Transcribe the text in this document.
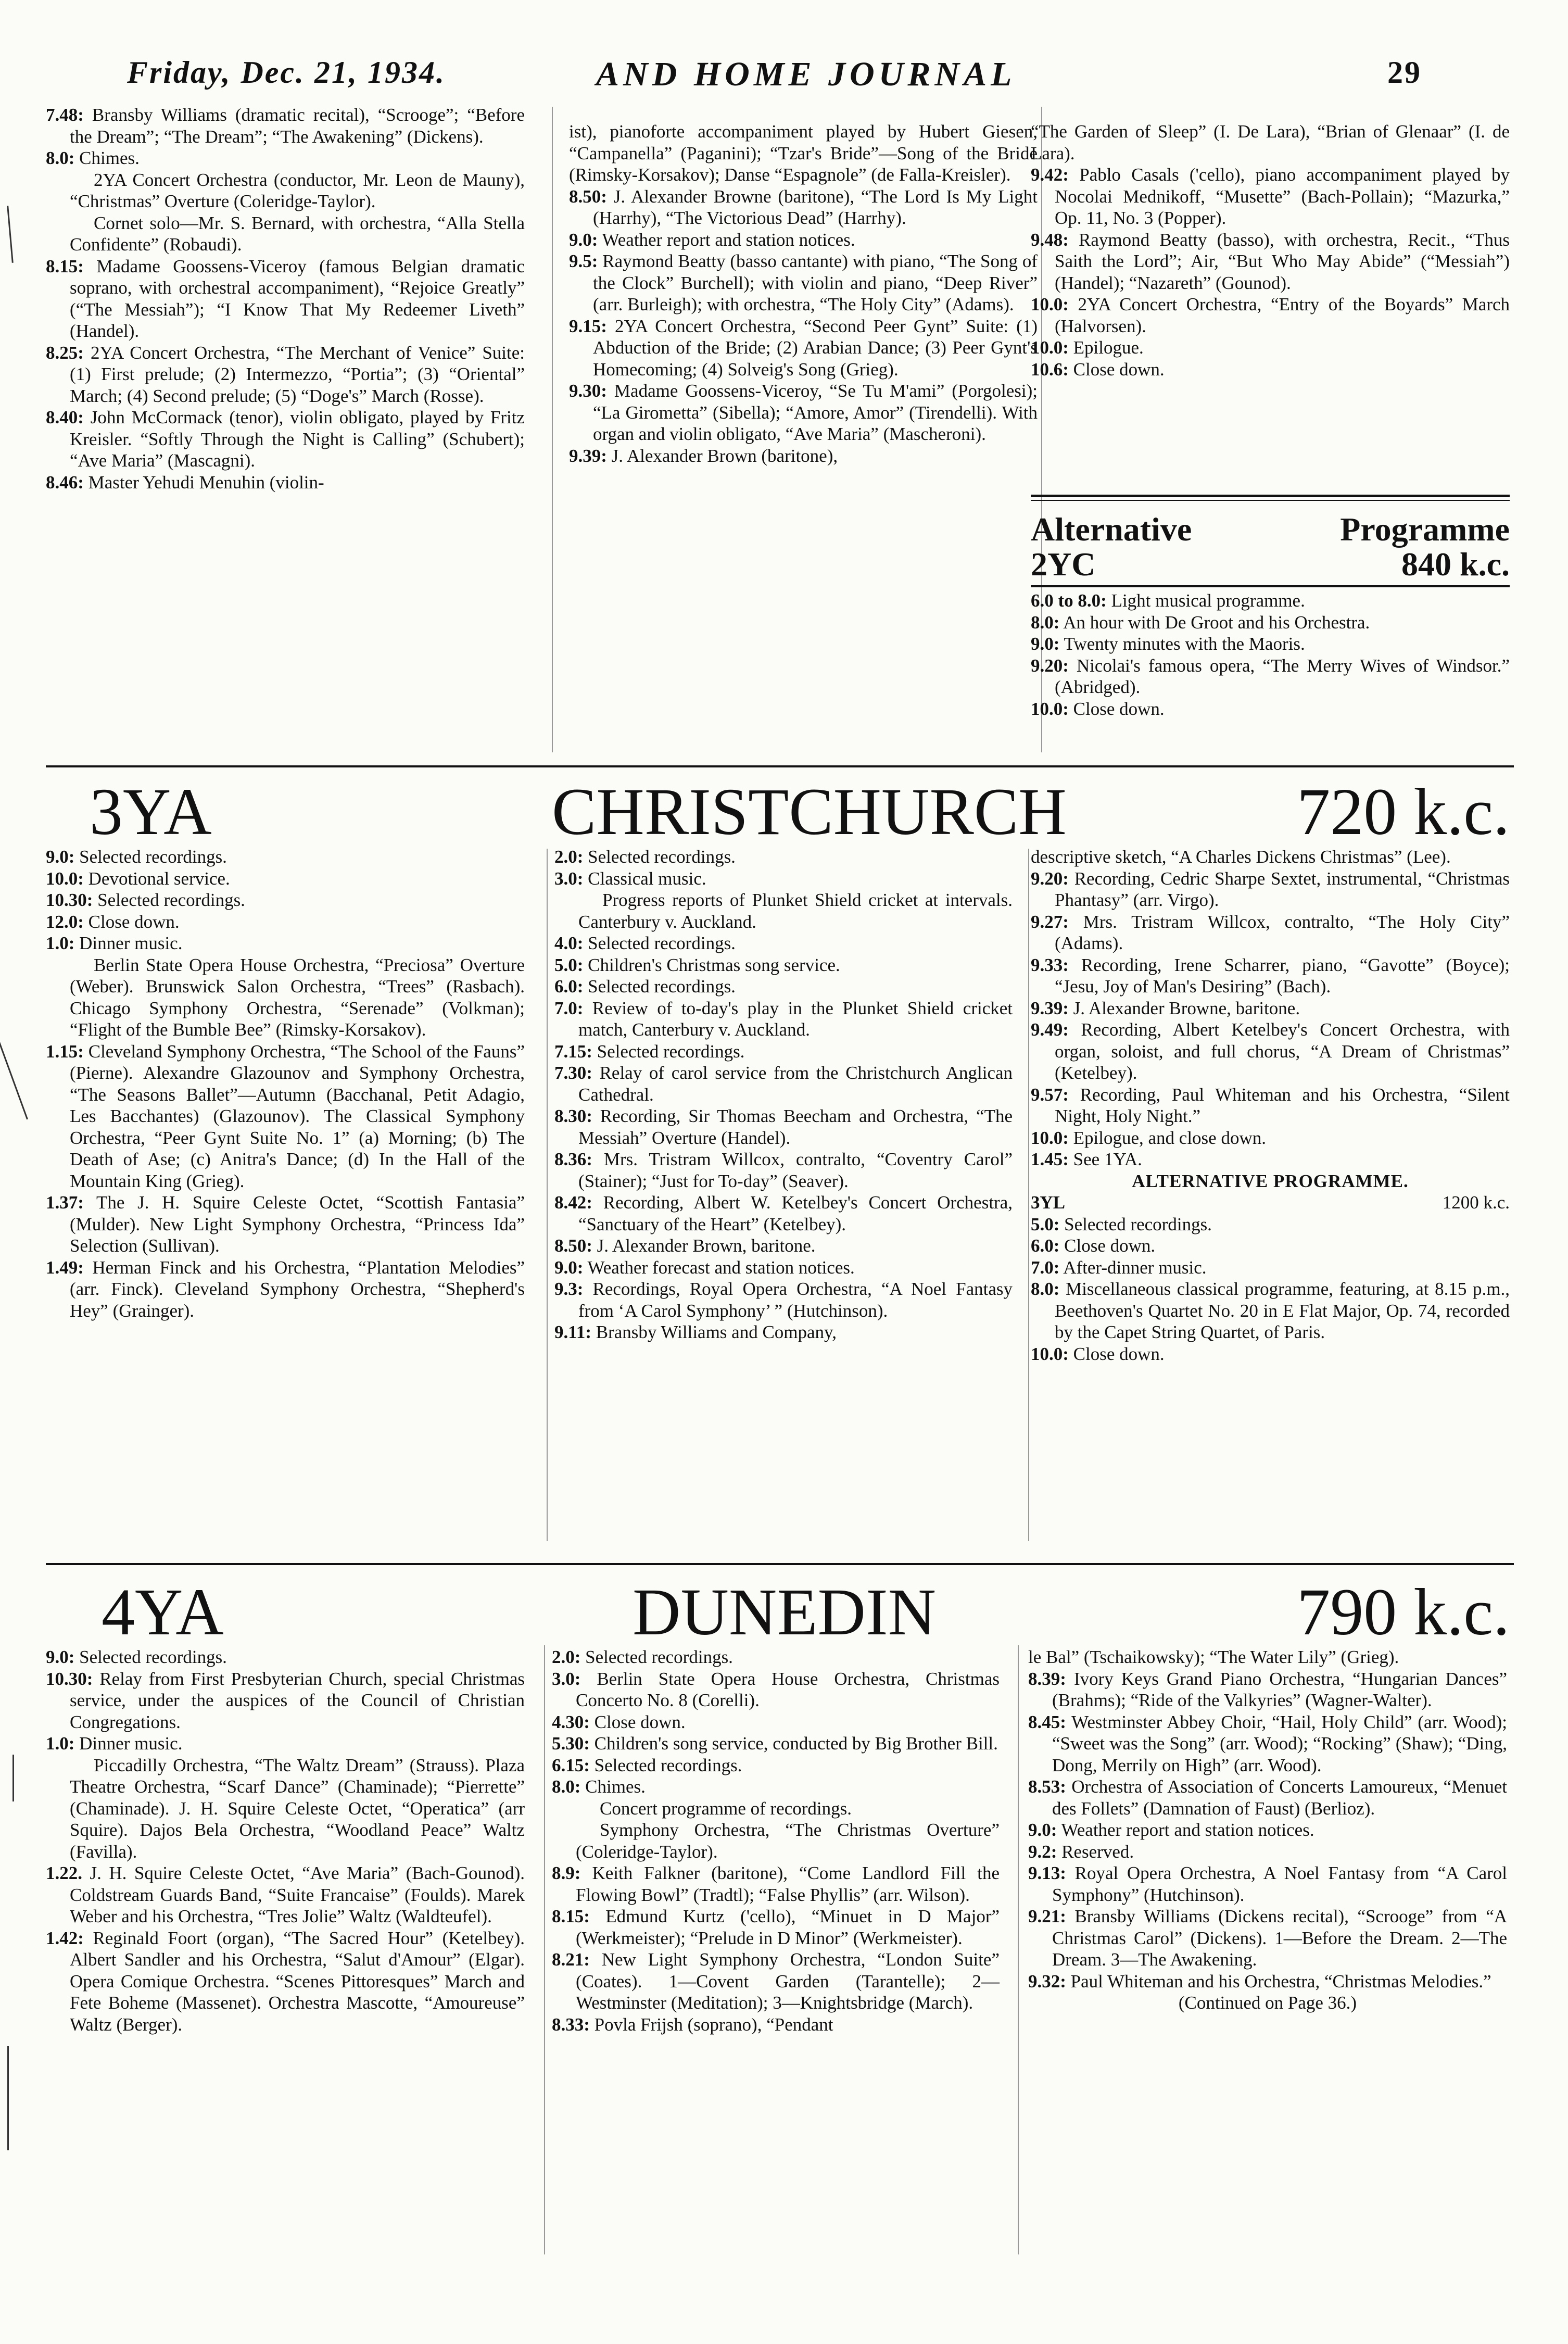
Friday, Dec. 21, 1934.	AND HOME JOURNAL	29

7.48: Bransby Williams (dramatic recital), “Scrooge”; “Before the Dream”; “The Dream”; “The Awakening” (Dickens).

8.0: Chimes.

2YA Concert Orchestra (conductor, Mr. Leon de Mauny), “Christmas” Overture (Coleridge-Taylor).

Cornet solo—Mr. S. Bernard, with orchestra, “Alla Stella Confidente” (Robaudi).

8.15: Madame Goossens-Viceroy (famous Belgian dramatic soprano, with orchestral accompaniment), “Rejoice Greatly” (“The Messiah”); “I Know That My Redeemer Liveth” (Handel).

8.25: 2YA Concert Orchestra, “The Merchant of Venice” Suite: (1) First prelude; (2) Intermezzo, “Portia”; (3) “Oriental” March; (4) Second prelude; (5) “Doge's” March (Rosse).

8.40: John McCormack (tenor), violin obligato, played by Fritz Kreisler. “Softly Through the Night is Calling” (Schubert); “Ave Maria” (Mascagni).

8.46: Master Yehudi Menuhin (violin-

ist), pianoforte accompaniment played by Hubert Giesen, “Campanella” (Paganini); “Tzar's Bride”—Song of the Bride (Rimsky-Korsakov); Danse “Espagnole” (de Falla-Kreisler).

8.50: J. Alexander Browne (baritone), “The Lord Is My Light (Harrhy), “The Victorious Dead” (Harrhy).

9.0: Weather report and station notices.

9.5: Raymond Beatty (basso cantante) with piano, “The Song of the Clock” Burchell); with violin and piano, “Deep River” (arr. Burleigh); with orchestra, “The Holy City” (Adams).

9.15: 2YA Concert Orchestra, “Second Peer Gynt” Suite: (1) Abduction of the Bride; (2) Arabian Dance; (3) Peer Gynt's Homecoming; (4) Solveig's Song (Grieg).

9.30: Madame Goossens-Viceroy, “Se Tu M'ami” (Porgolesi); “La Girometta” (Sibella); “Amore, Amor” (Tirendelli). With organ and violin obligato, “Ave Maria” (Mascheroni).

9.39: J. Alexander Brown (baritone),

“The Garden of Sleep” (I. De Lara), “Brian of Glenaar” (I. de Lara).

9.42: Pablo Casals ('cello), piano accompaniment played by Nocolai Mednikoff, “Musette” (Bach-Pollain); “Mazurka,” Op. 11, No. 3 (Popper).

9.48: Raymond Beatty (basso), with orchestra, Recit., “Thus Saith the Lord”; Air, “But Who May Abide” (“Messiah”) (Handel); “Nazareth” (Gounod).

10.0: 2YA Concert Orchestra, “Entry of the Boyards” March (Halvorsen).

10.0: Epilogue.

10.6: Close down.

Alternative	Programme
2YC	840 k.c.

6.0 to 8.0: Light musical programme.

8.0: An hour with De Groot and his Orchestra.

9.0: Twenty minutes with the Maoris.

9.20: Nicolai's famous opera, “The Merry Wives of Windsor.” (Abridged).

10.0: Close down.

3YA	CHRISTCHURCH	720 k.c.

9.0: Selected recordings.

10.0: Devotional service.

10.30: Selected recordings.

12.0: Close down.

1.0: Dinner music.

Berlin State Opera House Orchestra, “Preciosa” Overture (Weber). Brunswick Salon Orchestra, “Trees” (Rasbach). Chicago Symphony Orchestra, “Serenade” (Volkman); “Flight of the Bumble Bee” (Rimsky-Korsakov).

1.15: Cleveland Symphony Orchestra, “The School of the Fauns” (Pierne). Alexandre Glazounov and Symphony Orchestra, “The Seasons Ballet”—Autumn (Bacchanal, Petit Adagio, Les Bacchantes) (Glazounov). The Classical Symphony Orchestra, “Peer Gynt Suite No. 1” (a) Morning; (b) The Death of Ase; (c) Anitra's Dance; (d) In the Hall of the Mountain King (Grieg).

1.37: The J. H. Squire Celeste Octet, “Scottish Fantasia” (Mulder). New Light Symphony Orchestra, “Princess Ida” Selection (Sullivan).

1.49: Herman Finck and his Orchestra, “Plantation Melodies” (arr. Finck). Cleveland Symphony Orchestra, “Shepherd's Hey” (Grainger).

2.0: Selected recordings.

3.0: Classical music.

Progress reports of Plunket Shield cricket at intervals. Canterbury v. Auckland.

4.0: Selected recordings.

5.0: Children's Christmas song service.

6.0: Selected recordings.

7.0: Review of to-day's play in the Plunket Shield cricket match, Canterbury v. Auckland.

7.15: Selected recordings.

7.30: Relay of carol service from the Christchurch Anglican Cathedral.

8.30: Recording, Sir Thomas Beecham and Orchestra, “The Messiah” Overture (Handel).

8.36: Mrs. Tristram Willcox, contralto, “Coventry Carol” (Stainer); “Just for To-day” (Seaver).

8.42: Recording, Albert W. Ketelbey's Concert Orchestra, “Sanctuary of the Heart” (Ketelbey).

8.50: J. Alexander Brown, baritone.

9.0: Weather forecast and station notices.

9.3: Recordings, Royal Opera Orchestra, “A Noel Fantasy from ‘A Carol Symphony’ ” (Hutchinson).

9.11: Bransby Williams and Company,

descriptive sketch, “A Charles Dickens Christmas” (Lee).

9.20: Recording, Cedric Sharpe Sextet, instrumental, “Christmas Phantasy” (arr. Virgo).

9.27: Mrs. Tristram Willcox, contralto, “The Holy City” (Adams).

9.33: Recording, Irene Scharrer, piano, “Gavotte” (Boyce); “Jesu, Joy of Man's Desiring” (Bach).

9.39: J. Alexander Browne, baritone.

9.49: Recording, Albert Ketelbey's Concert Orchestra, with organ, soloist, and full chorus, “A Dream of Christmas” (Ketelbey).

9.57: Recording, Paul Whiteman and his Orchestra, “Silent Night, Holy Night.”

10.0: Epilogue, and close down.

1.45: See 1YA.

ALTERNATIVE PROGRAMME.

3YL	1200 k.c.

5.0: Selected recordings.

6.0: Close down.

7.0: After-dinner music.

8.0: Miscellaneous classical programme, featuring, at 8.15 p.m., Beethoven's Quartet No. 20 in E Flat Major, Op. 74, recorded by the Capet String Quartet, of Paris.

10.0: Close down.

4YA	DUNEDIN	790 k.c.

9.0: Selected recordings.

10.30: Relay from First Presbyterian Church, special Christmas service, under the auspices of the Council of Christian Congregations.

1.0: Dinner music.

Piccadilly Orchestra, “The Waltz Dream” (Strauss). Plaza Theatre Orchestra, “Scarf Dance” (Chaminade); “Pierrette” (Chaminade). J. H. Squire Celeste Octet, “Operatica” (arr Squire). Dajos Bela Orchestra, “Woodland Peace” Waltz (Favilla).

1.22. J. H. Squire Celeste Octet, “Ave Maria” (Bach-Gounod). Coldstream Guards Band, “Suite Francaise” (Foulds). Marek Weber and his Orchestra, “Tres Jolie” Waltz (Waldteufel).

1.42: Reginald Foort (organ), “The Sacred Hour” (Ketelbey). Albert Sandler and his Orchestra, “Salut d'Amour” (Elgar). Opera Comique Orchestra. “Scenes Pittoresques” March and Fete Boheme (Massenet). Orchestra Mascotte, “Amoureuse” Waltz (Berger).

2.0: Selected recordings.

3.0: Berlin State Opera House Orchestra, Christmas Concerto No. 8 (Corelli).

4.30: Close down.

5.30: Children's song service, conducted by Big Brother Bill.

6.15: Selected recordings.

8.0: Chimes.

Concert programme of recordings.

Symphony Orchestra, “The Christmas Overture” (Coleridge-Taylor).

8.9: Keith Falkner (baritone), “Come Landlord Fill the Flowing Bowl” (Tradtl); “False Phyllis” (arr. Wilson).

8.15: Edmund Kurtz ('cello), “Minuet in D Major” (Werkmeister); “Prelude in D Minor” (Werkmeister).

8.21: New Light Symphony Orchestra, “London Suite” (Coates). 1—Covent Garden (Tarantelle); 2—Westminster (Meditation); 3—Knightsbridge (March).

8.33: Povla Frijsh (soprano), “Pendant

le Bal” (Tschaikowsky); “The Water Lily” (Grieg).

8.39: Ivory Keys Grand Piano Orchestra, “Hungarian Dances” (Brahms); “Ride of the Valkyries” (Wagner-Walter).

8.45: Westminster Abbey Choir, “Hail, Holy Child” (arr. Wood); “Sweet was the Song” (arr. Wood); “Rocking” (Shaw); “Ding, Dong, Merrily on High” (arr. Wood).

8.53: Orchestra of Association of Concerts Lamoureux, “Menuet des Follets” (Damnation of Faust) (Berlioz).

9.0: Weather report and station notices.

9.2: Reserved.

9.13: Royal Opera Orchestra, A Noel Fantasy from “A Carol Symphony” (Hutchinson).

9.21: Bransby Williams (Dickens recital), “Scrooge” from “A Christmas Carol” (Dickens). 1—Before the Dream. 2—The Dream. 3—The Awakening.

9.32: Paul Whiteman and his Orchestra, “Christmas Melodies.”

(Continued on Page 36.)
